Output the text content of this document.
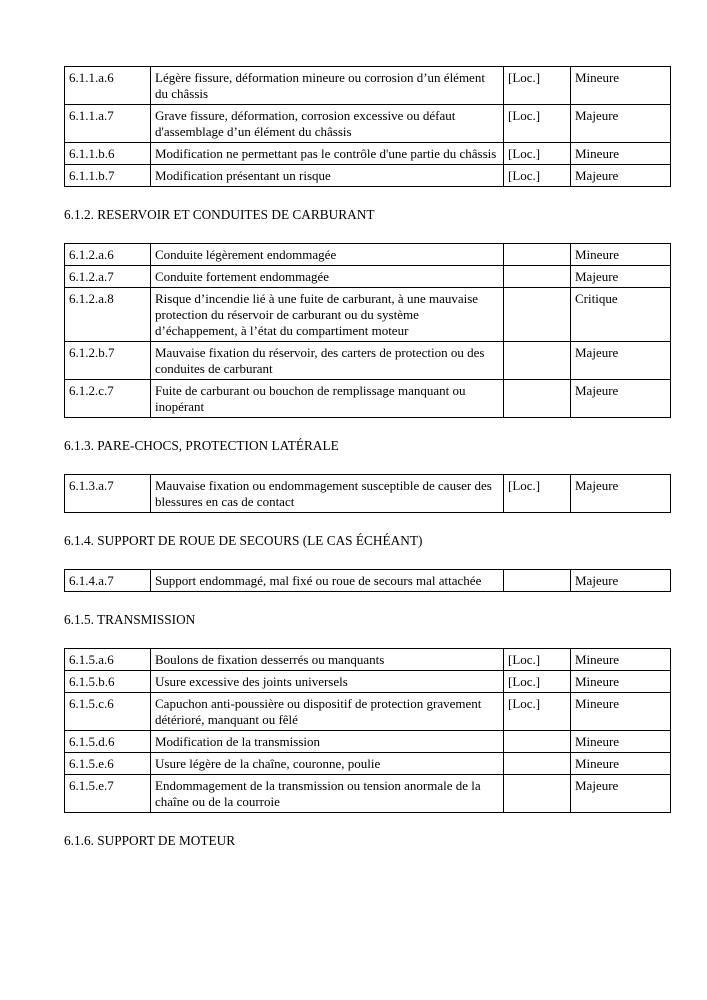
6.1.1.a.6	Légère fissure, déformation mineure ou corrosion d’un élément du châssis	[Loc.]	Mineure
6.1.1.a.7	Grave fissure, déformation, corrosion excessive ou défaut d'assemblage d’un élément du châssis	[Loc.]	Majeure
6.1.1.b.6	Modification ne permettant pas le contrôle d'une partie du châssis	[Loc.]	Mineure
6.1.1.b.7	Modification présentant un risque	[Loc.]	Majeure

6.1.2. RESERVOIR ET CONDUITES DE CARBURANT

6.1.2.a.6	Conduite légèrement endommagée		Mineure
6.1.2.a.7	Conduite fortement endommagée		Majeure
6.1.2.a.8	Risque d’incendie lié à une fuite de carburant, à une mauvaise protection du réservoir de carburant ou du système d’échappement, à l’état du compartiment moteur		Critique
6.1.2.b.7	Mauvaise fixation du réservoir, des carters de protection ou des conduites de carburant		Majeure
6.1.2.c.7	Fuite de carburant ou bouchon de remplissage manquant ou inopérant		Majeure

6.1.3. PARE-CHOCS, PROTECTION LATÉRALE

6.1.3.a.7	Mauvaise fixation ou endommagement susceptible de causer des blessures en cas de contact	[Loc.]	Majeure

6.1.4. SUPPORT DE ROUE DE SECOURS (LE CAS ÉCHÉANT)

6.1.4.a.7	Support endommagé, mal fixé ou roue de secours mal attachée		Majeure

6.1.5. TRANSMISSION

6.1.5.a.6	Boulons de fixation desserrés ou manquants	[Loc.]	Mineure
6.1.5.b.6	Usure excessive des joints universels	[Loc.]	Mineure
6.1.5.c.6	Capuchon anti-poussière ou dispositif de protection gravement détérioré, manquant ou fêlé	[Loc.]	Mineure
6.1.5.d.6	Modification de la transmission		Mineure
6.1.5.e.6	Usure légère de la chaîne, couronne, poulie		Mineure
6.1.5.e.7	Endommagement de la transmission ou tension anormale de la chaîne ou de la courroie		Majeure

6.1.6. SUPPORT DE MOTEUR
